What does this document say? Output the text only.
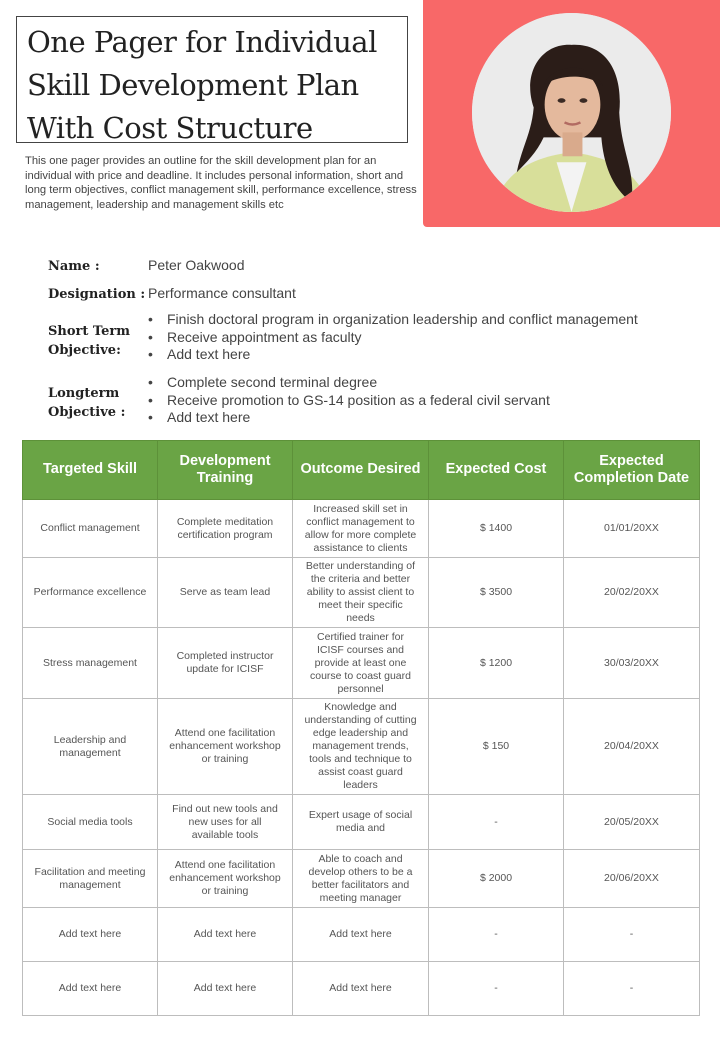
One Pager for Individual Skill Development Plan With Cost Structure

This one pager provides an outline for the skill development plan for an individual with price and deadline. It includes personal information, short and long term objectives, conflict management skill, performance excellence, stress management, leadership and management skills etc

Name :	Peter Oakwood
Designation : Performance consultant
Short Term
Objective:
• Finish doctoral program in organization leadership and conflict management
• Receive appointment as faculty
• Add text here
Longterm
Objective :
• Complete second terminal degree
• Receive promotion to GS-14 position as a federal civil servant
• Add text here
Targeted Skill	Development Training	Outcome Desired	Expected Cost	Expected Completion Date
Conflict management	Complete meditation certification program	Increased skill set in conflict management to allow for more complete assistance to clients	$ 1400	01/01/20XX
Performance excellence	Serve as team lead	Better understanding of the criteria and better ability to assist client to meet their specific needs	$ 3500	20/02/20XX
Stress management	Completed instructor update for ICISF	Certified trainer for ICISF courses and provide at least one course to coast guard personnel	$ 1200	30/03/20XX
Leadership and management	Attend one facilitation enhancement workshop or training	Knowledge and understanding of cutting edge leadership and management trends, tools and technique to assist coast guard leaders	$ 150	20/04/20XX
Social media tools	Find out new tools and new uses for all available tools	Expert usage of social media and	-	20/05/20XX
Facilitation and meeting management	Attend one facilitation enhancement workshop or training	Able to coach and develop others to be a better facilitators and meeting manager	$ 2000	20/06/20XX
Add text here	Add text here	Add text here	-	-
Add text here	Add text here	Add text here	-	-
